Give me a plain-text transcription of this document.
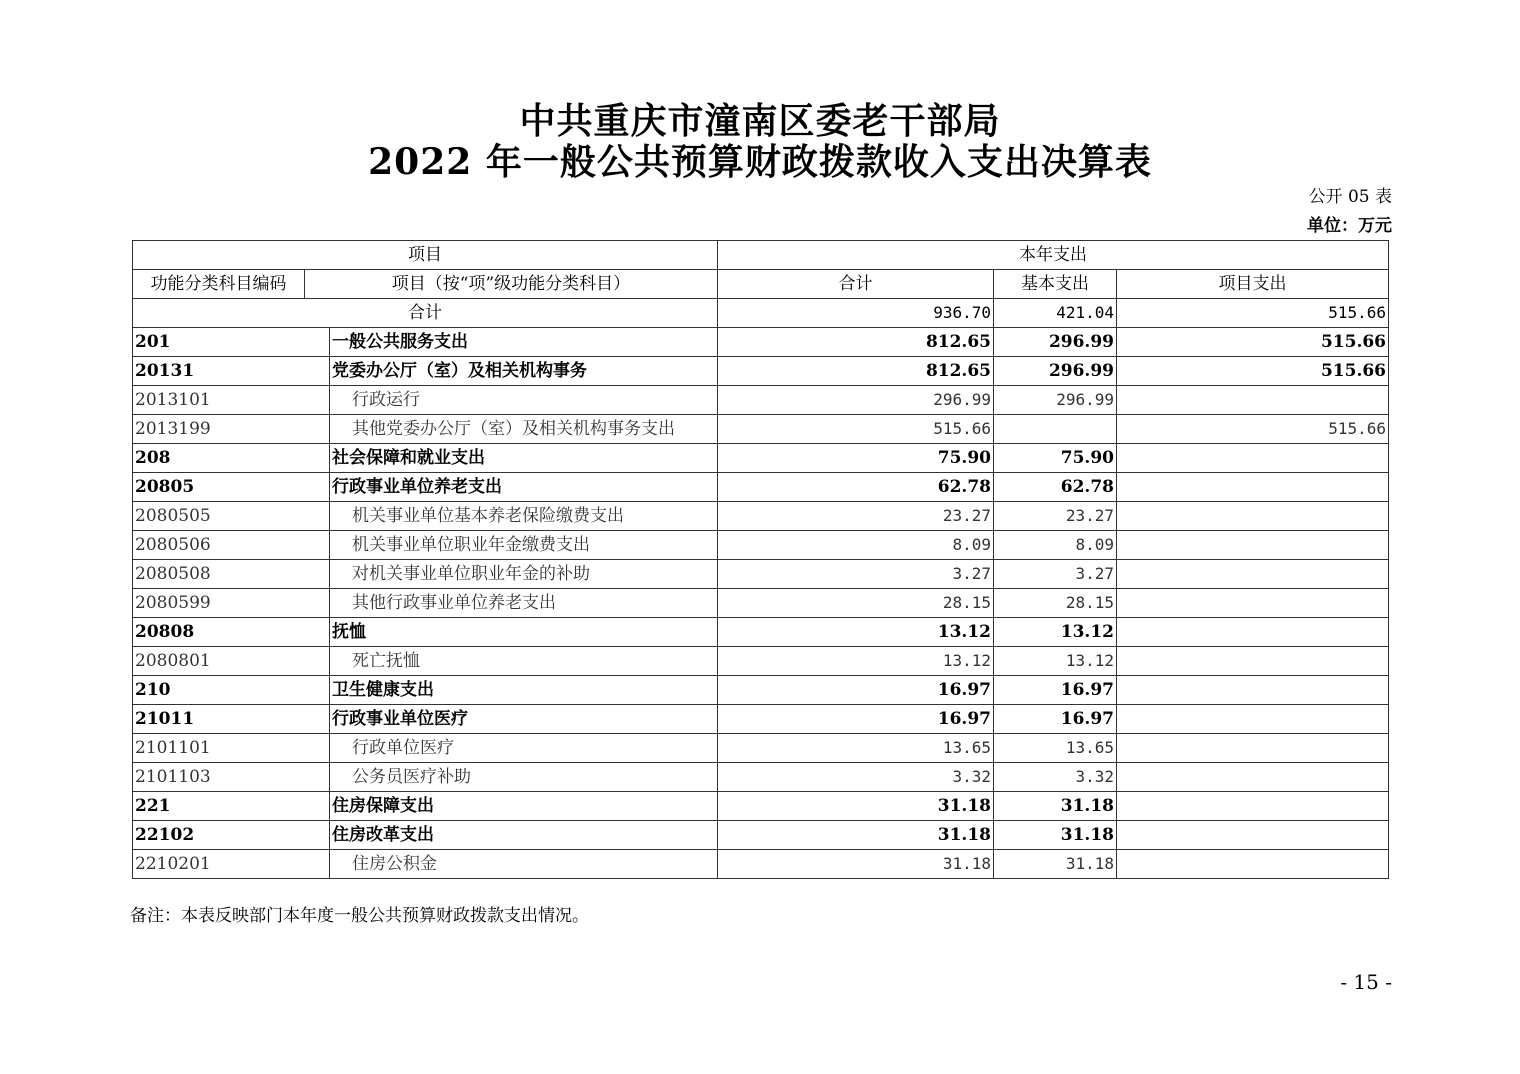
中共重庆市潼南区委老干部局
2022 年一般公共预算财政拨款收入支出决算表
公开 05 表
单位：万元
项目			本年支出		
功能分类科目编码	项目（按“项”级功能分类科目）		合计	基本支出	项目支出
合计			936.70	421.04	515.66
201		一般公共服务支出	812.65	296.99	515.66
20131		党委办公厅（室）及相关机构事务	812.65	296.99	515.66
2013101		行政运行	296.99	296.99	
2013199		其他党委办公厅（室）及相关机构事务支出	515.66		515.66
208		社会保障和就业支出	75.90	75.90	
20805		行政事业单位养老支出	62.78	62.78	
2080505		机关事业单位基本养老保险缴费支出	23.27	23.27	
2080506		机关事业单位职业年金缴费支出	8.09	8.09	
2080508		对机关事业单位职业年金的补助	3.27	3.27	
2080599		其他行政事业单位养老支出	28.15	28.15	
20808		抚恤	13.12	13.12	
2080801		死亡抚恤	13.12	13.12	
210		卫生健康支出	16.97	16.97	
21011		行政事业单位医疗	16.97	16.97	
2101101		行政单位医疗	13.65	13.65	
2101103		公务员医疗补助	3.32	3.32	
221		住房保障支出	31.18	31.18	
22102		住房改革支出	31.18	31.18	
2210201		住房公积金	31.18	31.18	
备注：本表反映部门本年度一般公共预算财政拨款支出情况。
- 15 -
